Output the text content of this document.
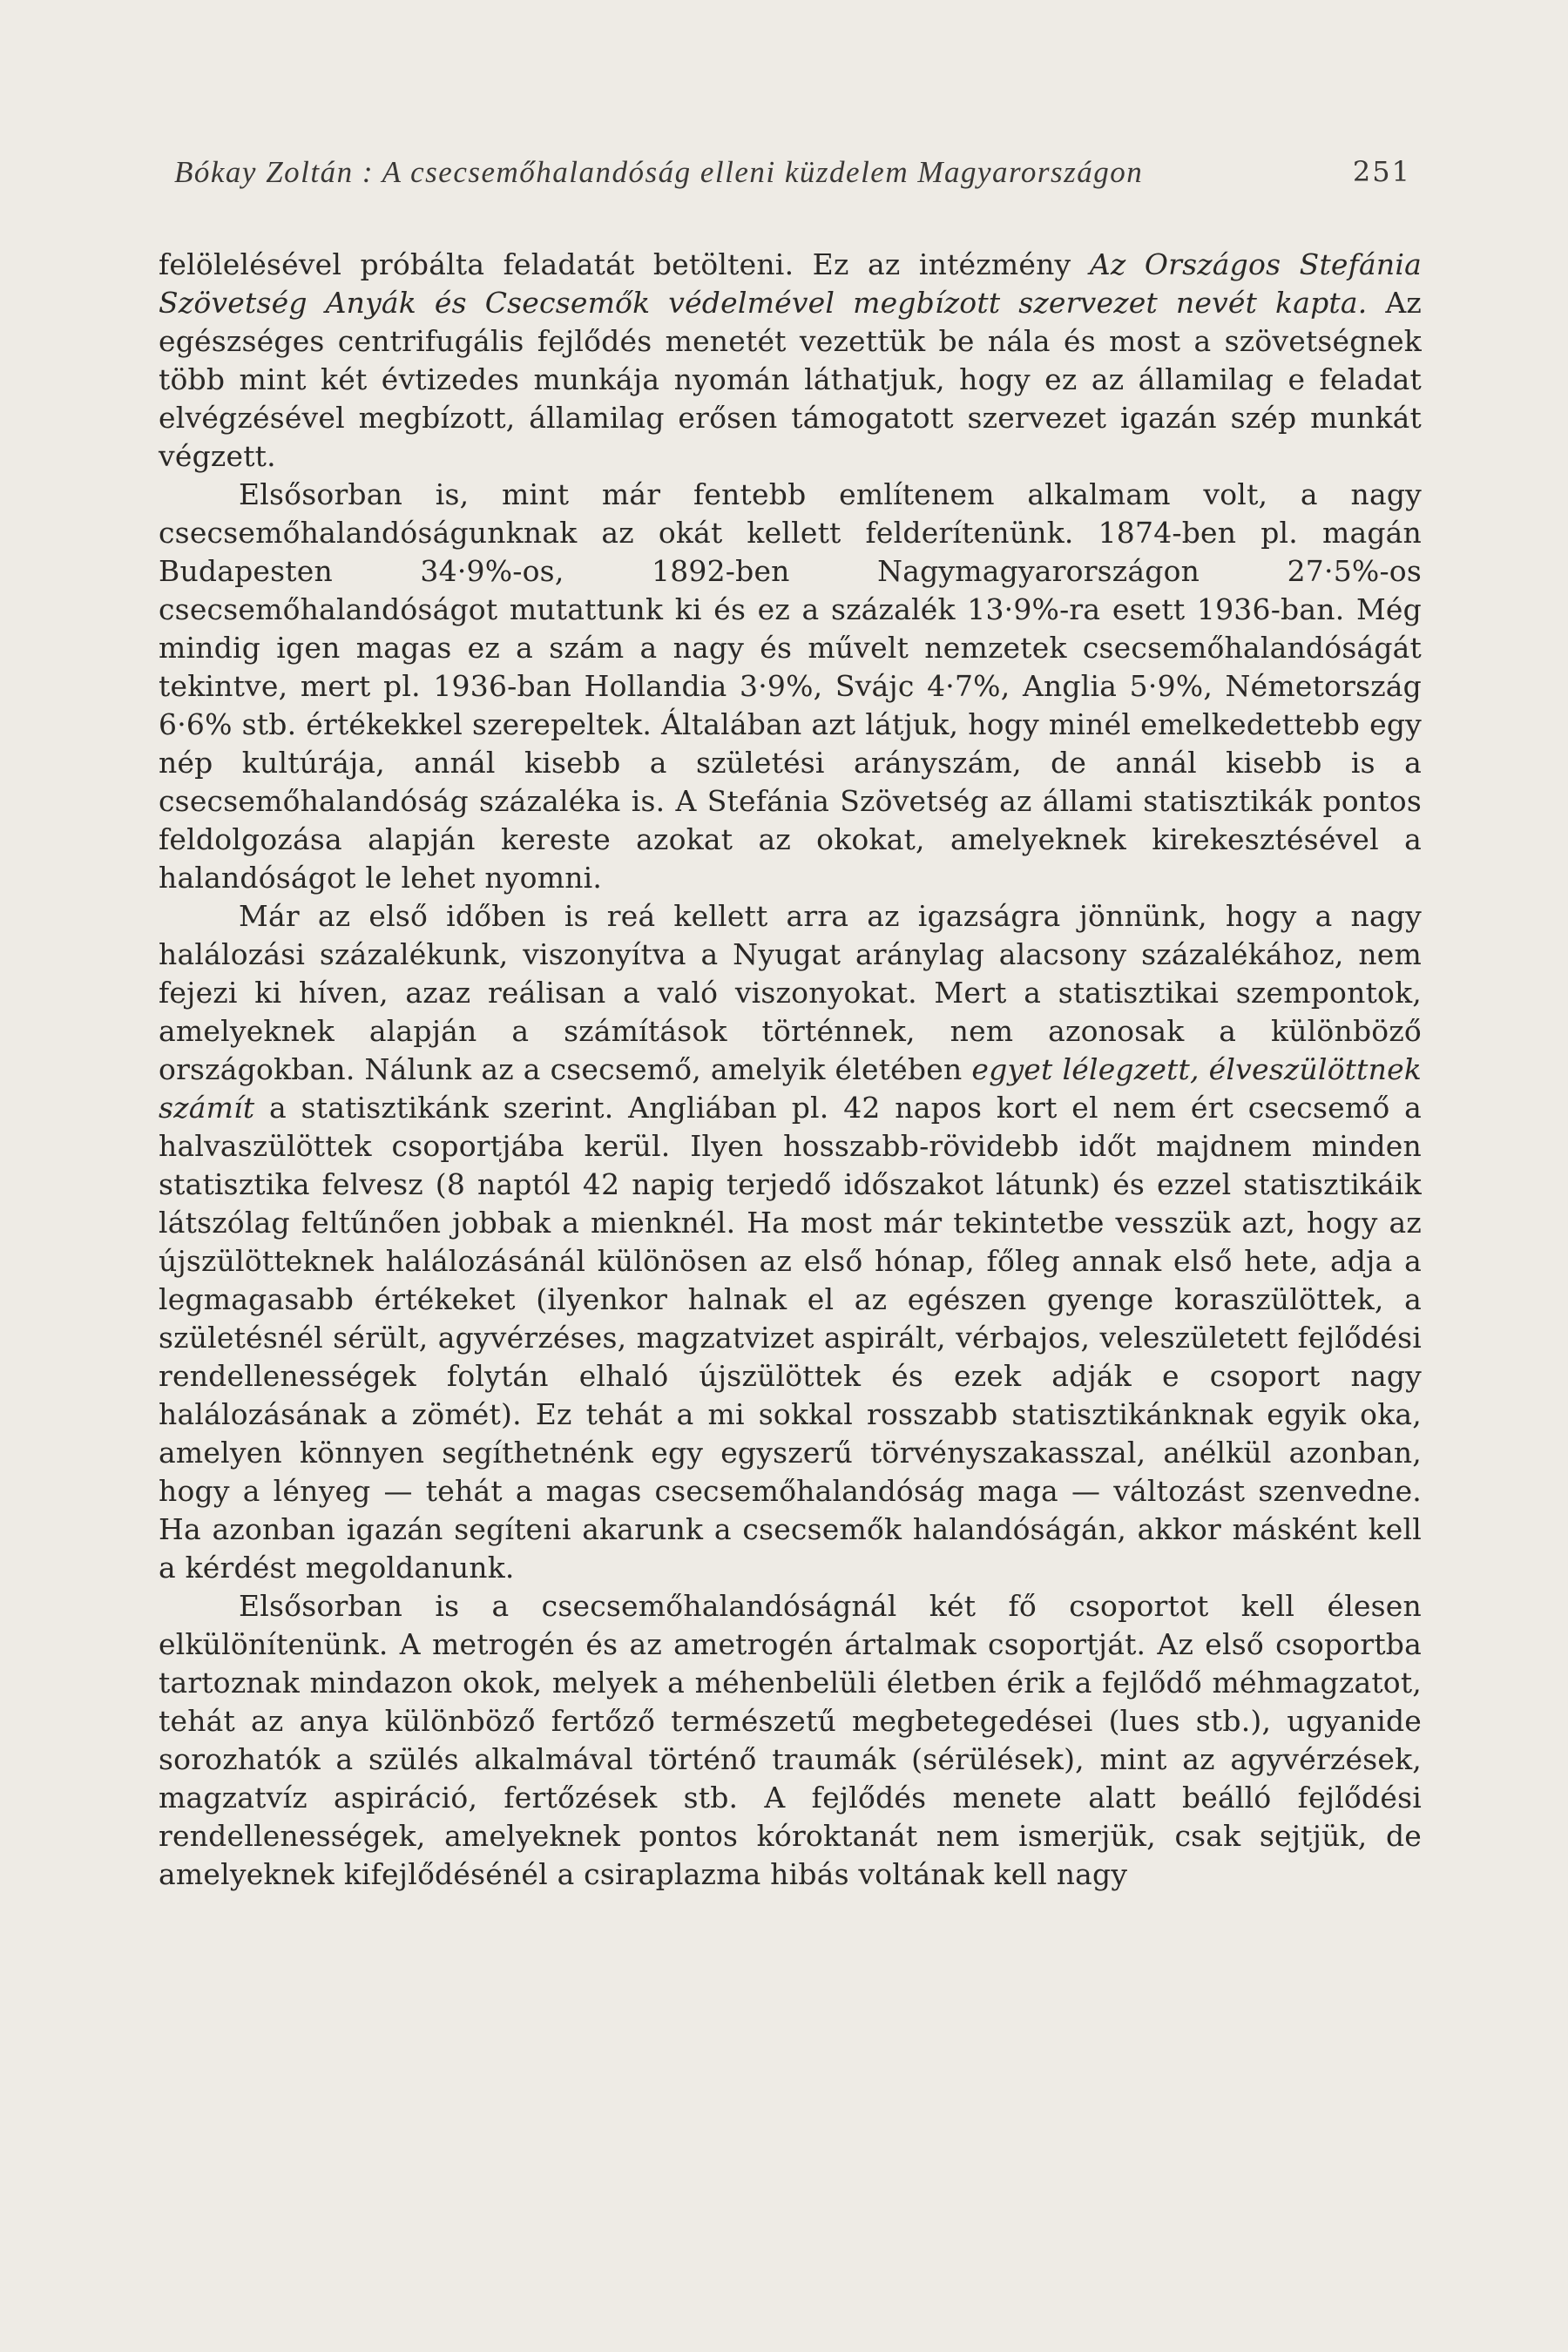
Bókay Zoltán : A csecsemőhalandóság elleni küzdelem Magyarországon	251

felölelésével próbálta feladatát betölteni. Ez az intézmény Az Országos Stefánia Szövetség Anyák és Csecsemők védelmével megbízott szervezet nevét kapta. Az egészséges centrifugális fejlődés menetét vezettük be nála és most a szövetségnek több mint két évtizedes munkája nyomán láthatjuk, hogy ez az államilag e feladat elvégzésével megbízott, államilag erősen támogatott szervezet igazán szép munkát végzett.

Elsősorban is, mint már fentebb említenem alkalmam volt, a nagy csecsemőhalandóságunknak az okát kellett felderítenünk. 1874-ben pl. magán Budapesten 34·9%-os, 1892-ben Nagymagyarországon 27·5%-os csecsemőhalandóságot mutattunk ki és ez a százalék 13·9%-ra esett 1936-ban. Még mindig igen magas ez a szám a nagy és művelt nemzetek csecsemőhalandóságát tekintve, mert pl. 1936-ban Hollandia 3·9%, Svájc 4·7%, Anglia 5·9%, Németország 6·6% stb. értékekkel szerepeltek. Általában azt látjuk, hogy minél emelkedettebb egy nép kultúrája, annál kisebb a születési arányszám, de annál kisebb is a csecsemőhalandóság százaléka is. A Stefánia Szövetség az állami statisztikák pontos feldolgozása alapján kereste azokat az okokat, amelyeknek kirekesztésével a halandóságot le lehet nyomni.

Már az első időben is reá kellett arra az igazságra jönnünk, hogy a nagy halálozási százalékunk, viszonyítva a Nyugat aránylag alacsony százalékához, nem fejezi ki híven, azaz reálisan a való viszonyokat. Mert a statisztikai szempontok, amelyeknek alapján a számítások történnek, nem azonosak a különböző országokban. Nálunk az a csecsemő, amelyik életében egyet lélegzett, élveszülöttnek számít a statisztikánk szerint. Angliában pl. 42 napos kort el nem ért csecsemő a halvaszülöttek csoportjába kerül. Ilyen hosszabb-rövidebb időt majdnem minden statisztika felvesz (8 naptól 42 napig terjedő időszakot látunk) és ezzel statisztikáik látszólag feltűnően jobbak a mienknél. Ha most már tekintetbe vesszük azt, hogy az újszülötteknek halálozásánál különösen az első hónap, főleg annak első hete, adja a legmagasabb értékeket (ilyenkor halnak el az egészen gyenge koraszülöttek, a születésnél sérült, agyvérzéses, magzatvizet aspirált, vérbajos, veleszületett fejlődési rendellenességek folytán elhaló újszülöttek és ezek adják e csoport nagy halálozásának a zömét). Ez tehát a mi sokkal rosszabb statisztikánknak egyik oka, amelyen könnyen segíthetnénk egy egyszerű törvényszakasszal, anélkül azonban, hogy a lényeg — tehát a magas csecsemőhalandóság maga — változást szenvedne. Ha azonban igazán segíteni akarunk a csecsemők halandóságán, akkor másként kell a kérdést megoldanunk.

Elsősorban is a csecsemőhalandóságnál két fő csoportot kell élesen elkülönítenünk. A metrogén és az ametrogén ártalmak csoportját. Az első csoportba tartoznak mindazon okok, melyek a méhenbelüli életben érik a fejlődő méhmagzatot, tehát az anya különböző fertőző természetű megbetegedései (lues stb.), ugyanide sorozhatók a szülés alkalmával történő traumák (sérülések), mint az agyvérzések, magzatvíz aspiráció, fertőzések stb. A fejlődés menete alatt beálló fejlődési rendellenességek, amelyeknek pontos kóroktanát nem ismerjük, csak sejtjük, de amelyeknek kifejlődésénél a csiraplazma hibás voltának kell nagy
